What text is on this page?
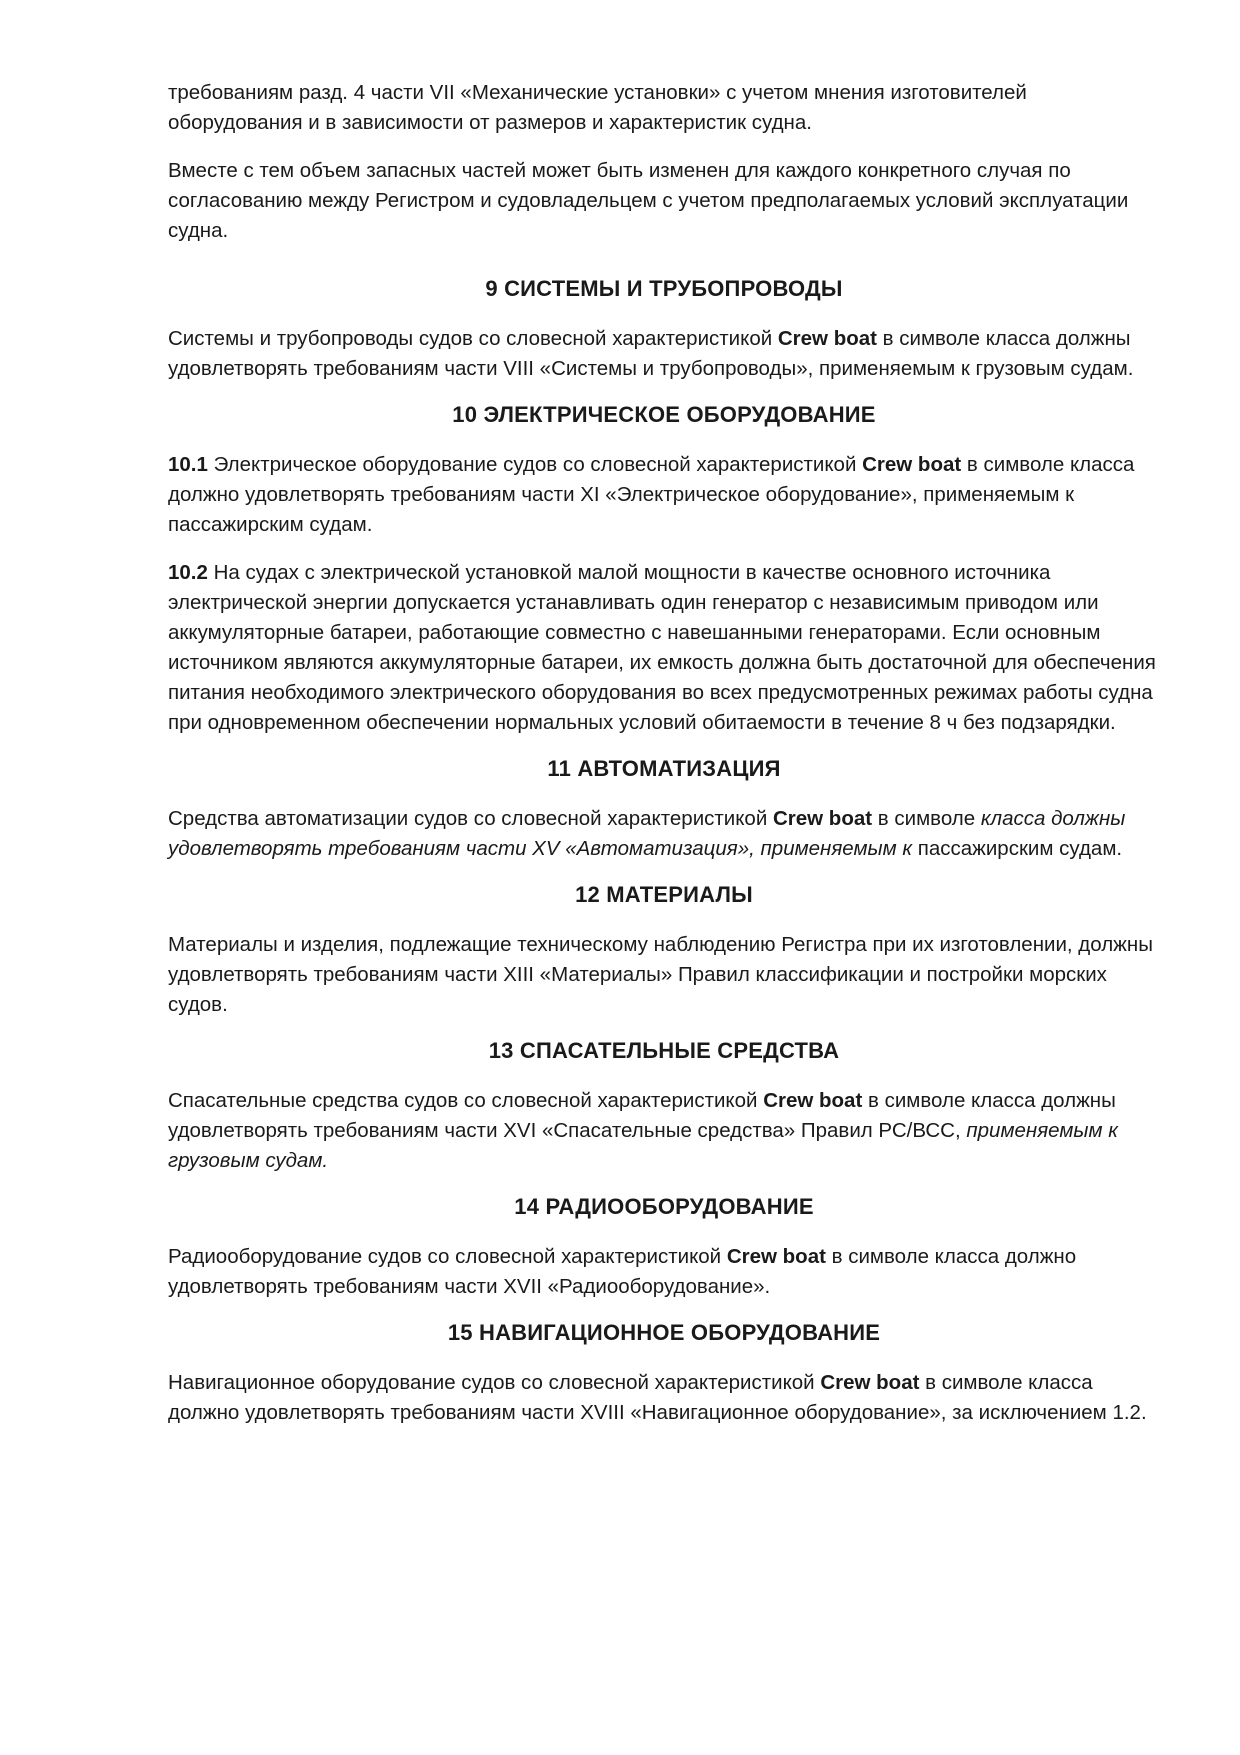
требованиям разд. 4 части VII «Механические установки» с учетом мнения изготовителей оборудования и в зависимости от размеров и характеристик судна.

Вместе с тем объем запасных частей может быть изменен для каждого конкретного случая по согласованию между Регистром и судовладельцем с учетом предполагаемых условий эксплуатации судна.

9 СИСТЕМЫ И ТРУБОПРОВОДЫ

Системы и трубопроводы судов со словесной характеристикой Crew boat в символе класса должны удовлетворять требованиям части VIII «Системы и трубопроводы», применяемым к грузовым судам.

10 ЭЛЕКТРИЧЕСКОЕ ОБОРУДОВАНИЕ

10.1 Электрическое оборудование судов со словесной характеристикой Crew boat в символе класса должно удовлетворять требованиям части XI «Электрическое оборудование», применяемым к пассажирским судам.

10.2 На судах с электрической установкой малой мощности в качестве основного источника электрической энергии допускается устанавливать один генератор с независимым приводом или аккумуляторные батареи, работающие совместно с навешанными генераторами. Если основным источником являются аккумуляторные батареи, их емкость должна быть достаточной для обеспечения питания необходимого электрического оборудования во всех предусмотренных режимах работы судна при одновременном обеспечении нормальных условий обитаемости в течение 8 ч без подзарядки.

11 АВТОМАТИЗАЦИЯ

Средства автоматизации судов со словесной характеристикой Crew boat в символе класса должны удовлетворять требованиям части XV «Автоматизация», применяемым к пассажирским судам.

12 МАТЕРИАЛЫ

Материалы и изделия, подлежащие техническому наблюдению Регистра при их изготовлении, должны удовлетворять требованиям части XIII «Материалы» Правил классификации и постройки морских судов.

13 СПАСАТЕЛЬНЫЕ СРЕДСТВА

Спасательные средства судов со словесной характеристикой Crew boat в символе класса должны удовлетворять требованиям части XVI «Спасательные средства» Правил РС/ВСС, применяемым к грузовым судам.

14 РАДИООБОРУДОВАНИЕ

Радиооборудование судов со словесной характеристикой Crew boat в символе класса должно удовлетворять требованиям части XVII «Радиооборудование».

15 НАВИГАЦИОННОЕ ОБОРУДОВАНИЕ

Навигационное оборудование судов со словесной характеристикой Crew boat в символе класса должно удовлетворять требованиям части XVIII «Навигационное оборудование», за исключением 1.2.
